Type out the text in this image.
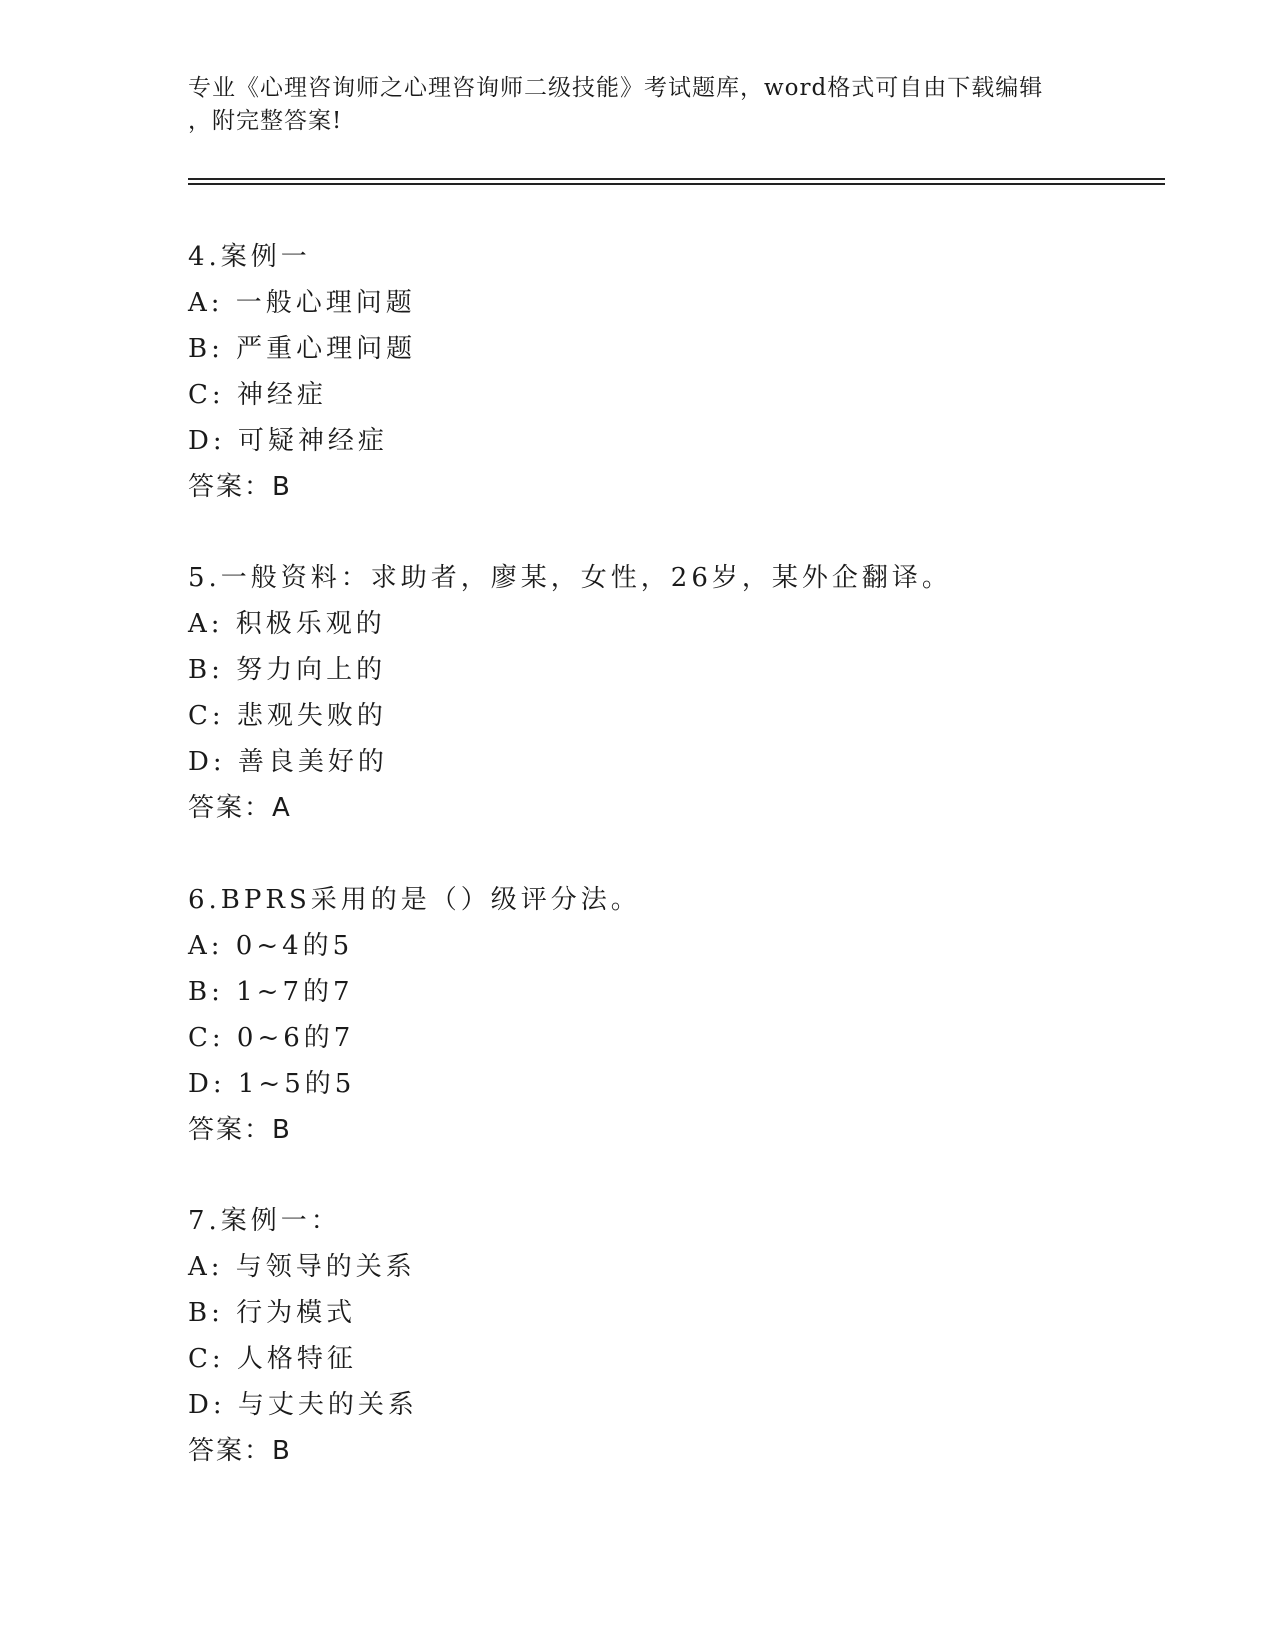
专业《心理咨询师之心理咨询师二级技能》考试题库，word格式可自由下载编辑
，附完整答案!
4.案例一
A: 一般心理问题
B: 严重心理问题
C: 神经症
D: 可疑神经症
答案：B
5.一般资料：求助者，廖某，女性，26岁，某外企翻译。
A: 积极乐观的
B: 努力向上的
C: 悲观失败的
D: 善良美好的
答案：A
6.BPRS采用的是（）级评分法。
A: 0~4的5
B: 1~7的7
C: 0~6的7
D: 1~5的5
答案：B
7.案例一：
A: 与领导的关系
B: 行为模式
C: 人格特征
D: 与丈夫的关系
答案：B
